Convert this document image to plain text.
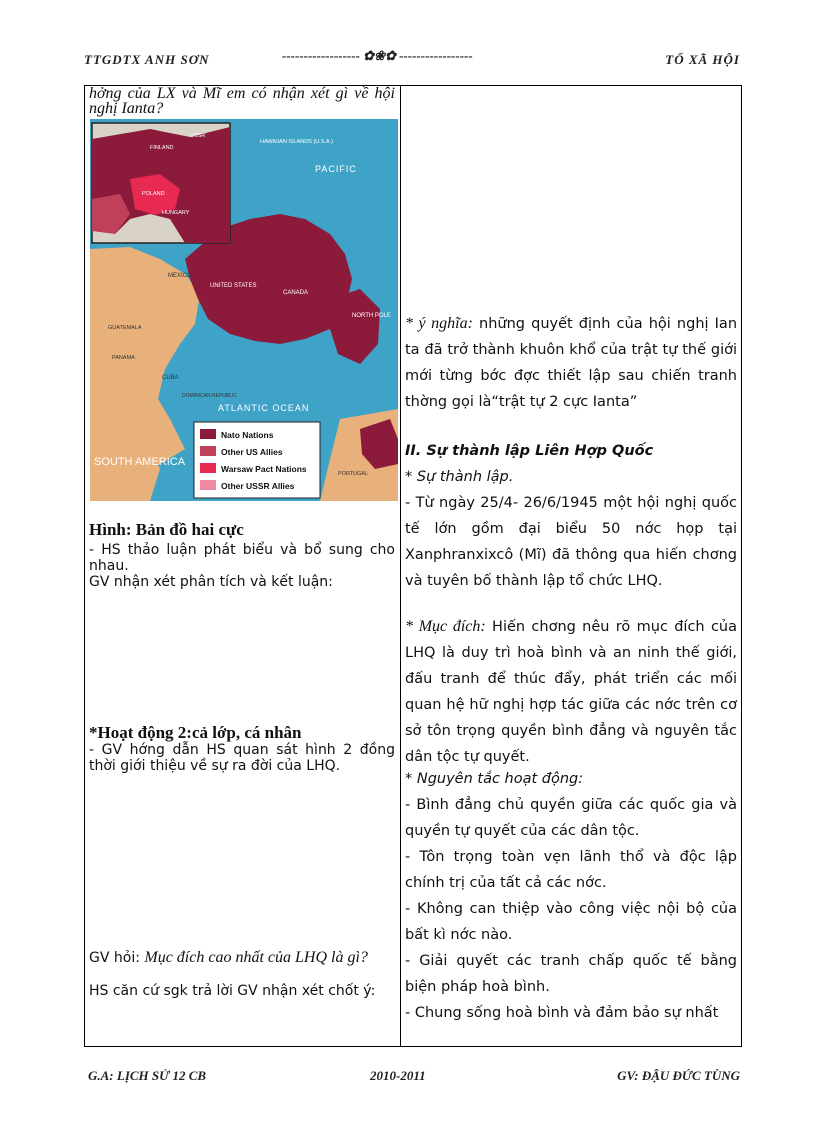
TTGDTX ANH SƠN	------------------ ✿❀✿ -----------------	TỔ XÃ HỘI
hởng của LX và Mĩ em có nhận xét gì về hội nghị Ianta?
Nato Nations
Other US Allies
Warsaw Pact Nations
Other USSR Allies
PACIFIC
ATLANTIC OCEAN
SOUTH AMERICA
HAWAIIAN ISLANDS (U.S.A.)
CANADA
UNITED STATES
MEXICO
NORTH POLE
CUBA
GUATEMALA
PANAMA
DOMINICAN REPUBLIC
USSR
FINLAND
POLAND
HUNGARY
PORTUGAL
Hình: Bản đồ hai cực
- HS thảo luận phát biểu và bổ sung cho nhau.
GV nhận xét phân tích và kết luận:
*Hoạt động 2:cả lớp, cá nhân
- GV hớng dẫn HS quan sát hình 2 đồng thời giới thiệu về sự ra đời của LHQ.
GV hỏi: Mục đích cao nhất của LHQ là gì?
HS căn cứ sgk trả lời GV nhận xét chốt ý:
* ý nghĩa: những quyết định của hội nghị Ian ta đã trở thành khuôn khổ của trật tự thế giới mới từng bớc đợc thiết lập sau chiến tranh thờng gọi là“trật tự 2 cực Ianta”
II. Sự thành lập Liên Hợp Quốc
* Sự thành lập.
- Từ ngày 25/4- 26/6/1945 một hội nghị quốc tế lớn gồm đại biểu 50 nớc họp tại Xanphranxixcô (Mĩ) đã thông qua hiến chơng và tuyên bố thành lập tổ chức LHQ.
* Mục đích: Hiến chơng nêu rõ mục đích của LHQ là duy trì hoà bình và an ninh thế giới, đấu tranh để thúc đẩy, phát triển các mối quan hệ hữ nghị hợp tác giữa các nớc trên cơ sở tôn trọng quyền bình đẳng và nguyên tắc dân tộc tự quyết.
* Nguyên tắc hoạt động:
- Bình đẳng chủ quyền giữa các quốc gia và quyền tự quyết của các dân tộc.
- Tôn trọng toàn vẹn lãnh thổ và độc lập chính trị của tất cả các nớc.
- Không can thiệp vào công việc nội bộ của bất kì nớc nào.
- Giải quyết các tranh chấp quốc tế bằng biện pháp hoà bình.
- Chung sống hoà bình và đảm bảo sự nhất
G.A: LỊCH SỬ 12 CB	2010-2011	GV: ĐẬU ĐỨC TÙNG
